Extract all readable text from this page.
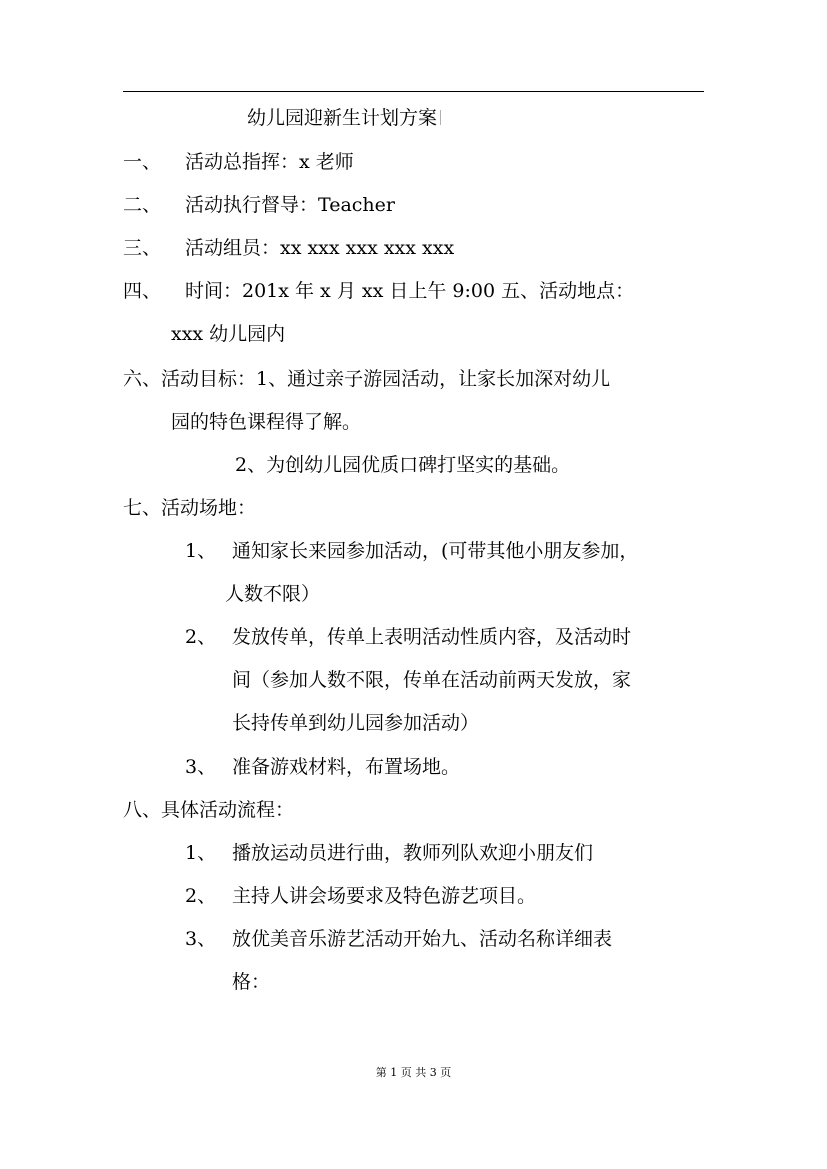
幼儿园迎新生计划方案
一、 活动总指挥：x 老师
二、 活动执行督导：Teacher
三、 活动组员：xx xxx xxx xxx xxx
四、 时间：201x 年 x 月 xx 日上午 9:00 五、活动地点：
xxx 幼儿园内
六、活动目标：1、通过亲子游园活动，让家长加深对幼儿
园的特色课程得了解。
2、为创幼儿园优质口碑打坚实的基础。
七、活动场地：
1、 通知家长来园参加活动，(可带其他小朋友参加，
人数不限）
2、 发放传单，传单上表明活动性质内容，及活动时
间（参加人数不限，传单在活动前两天发放，家
长持传单到幼儿园参加活动）
3、 准备游戏材料，布置场地。
八、具体活动流程：
1、 播放运动员进行曲，教师列队欢迎小朋友们
2、 主持人讲会场要求及特色游艺项目。
3、 放优美音乐游艺活动开始九、活动名称详细表
格：
第 1 页 共 3 页
